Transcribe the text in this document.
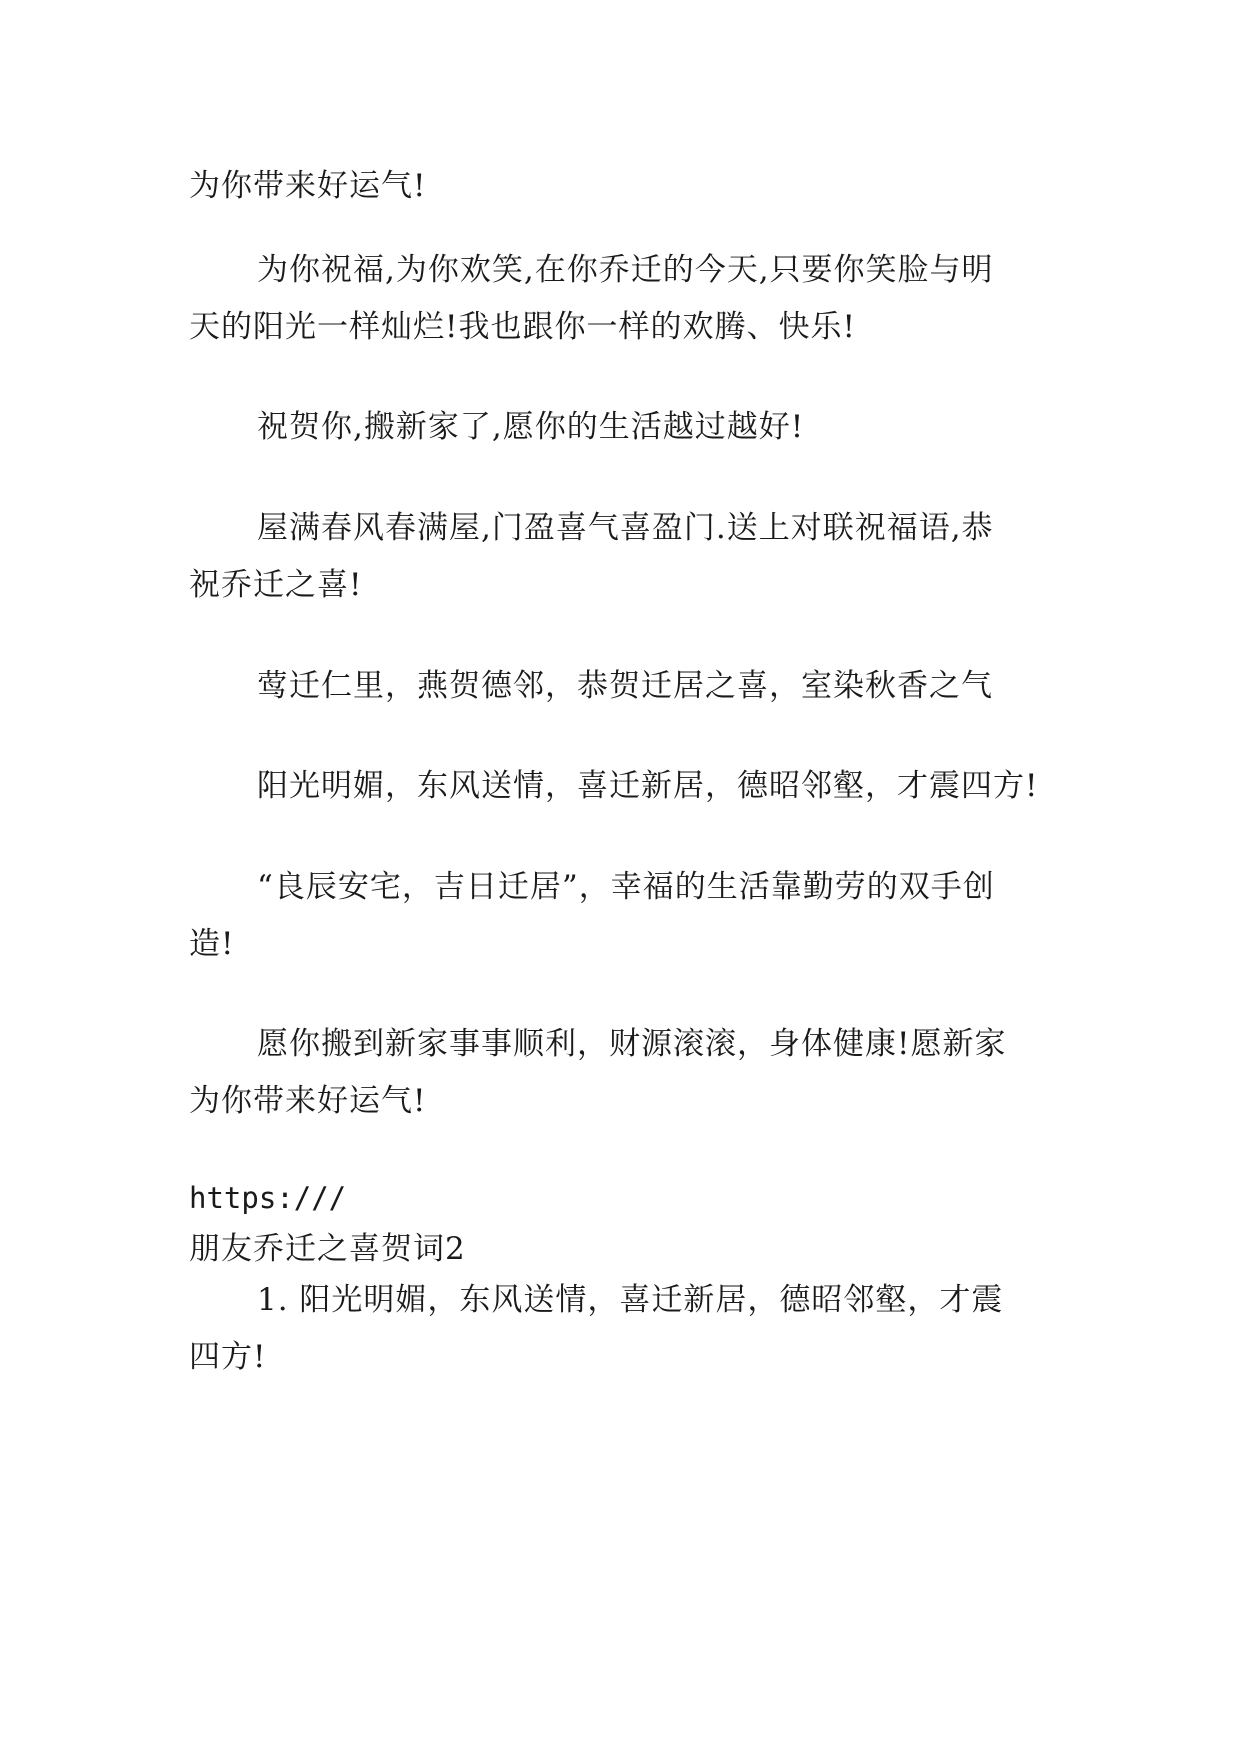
为你带来好运气!
为你祝福,为你欢笑,在你乔迁的今天,只要你笑脸与明
天的阳光一样灿烂!我也跟你一样的欢腾、快乐!
祝贺你,搬新家了,愿你的生活越过越好!
屋满春风春满屋,门盈喜气喜盈门.送上对联祝福语,恭
祝乔迁之喜!
莺迁仁里，燕贺德邻，恭贺迁居之喜，室染秋香之气
阳光明媚，东风送情，喜迁新居，德昭邻壑，才震四方!
“良辰安宅，吉日迁居”，幸福的生活靠勤劳的双手创
造!
愿你搬到新家事事顺利，财源滚滚，身体健康!愿新家
为你带来好运气!
https:///
朋友乔迁之喜贺词2
1. 阳光明媚，东风送情，喜迁新居，德昭邻壑，才震
四方!
